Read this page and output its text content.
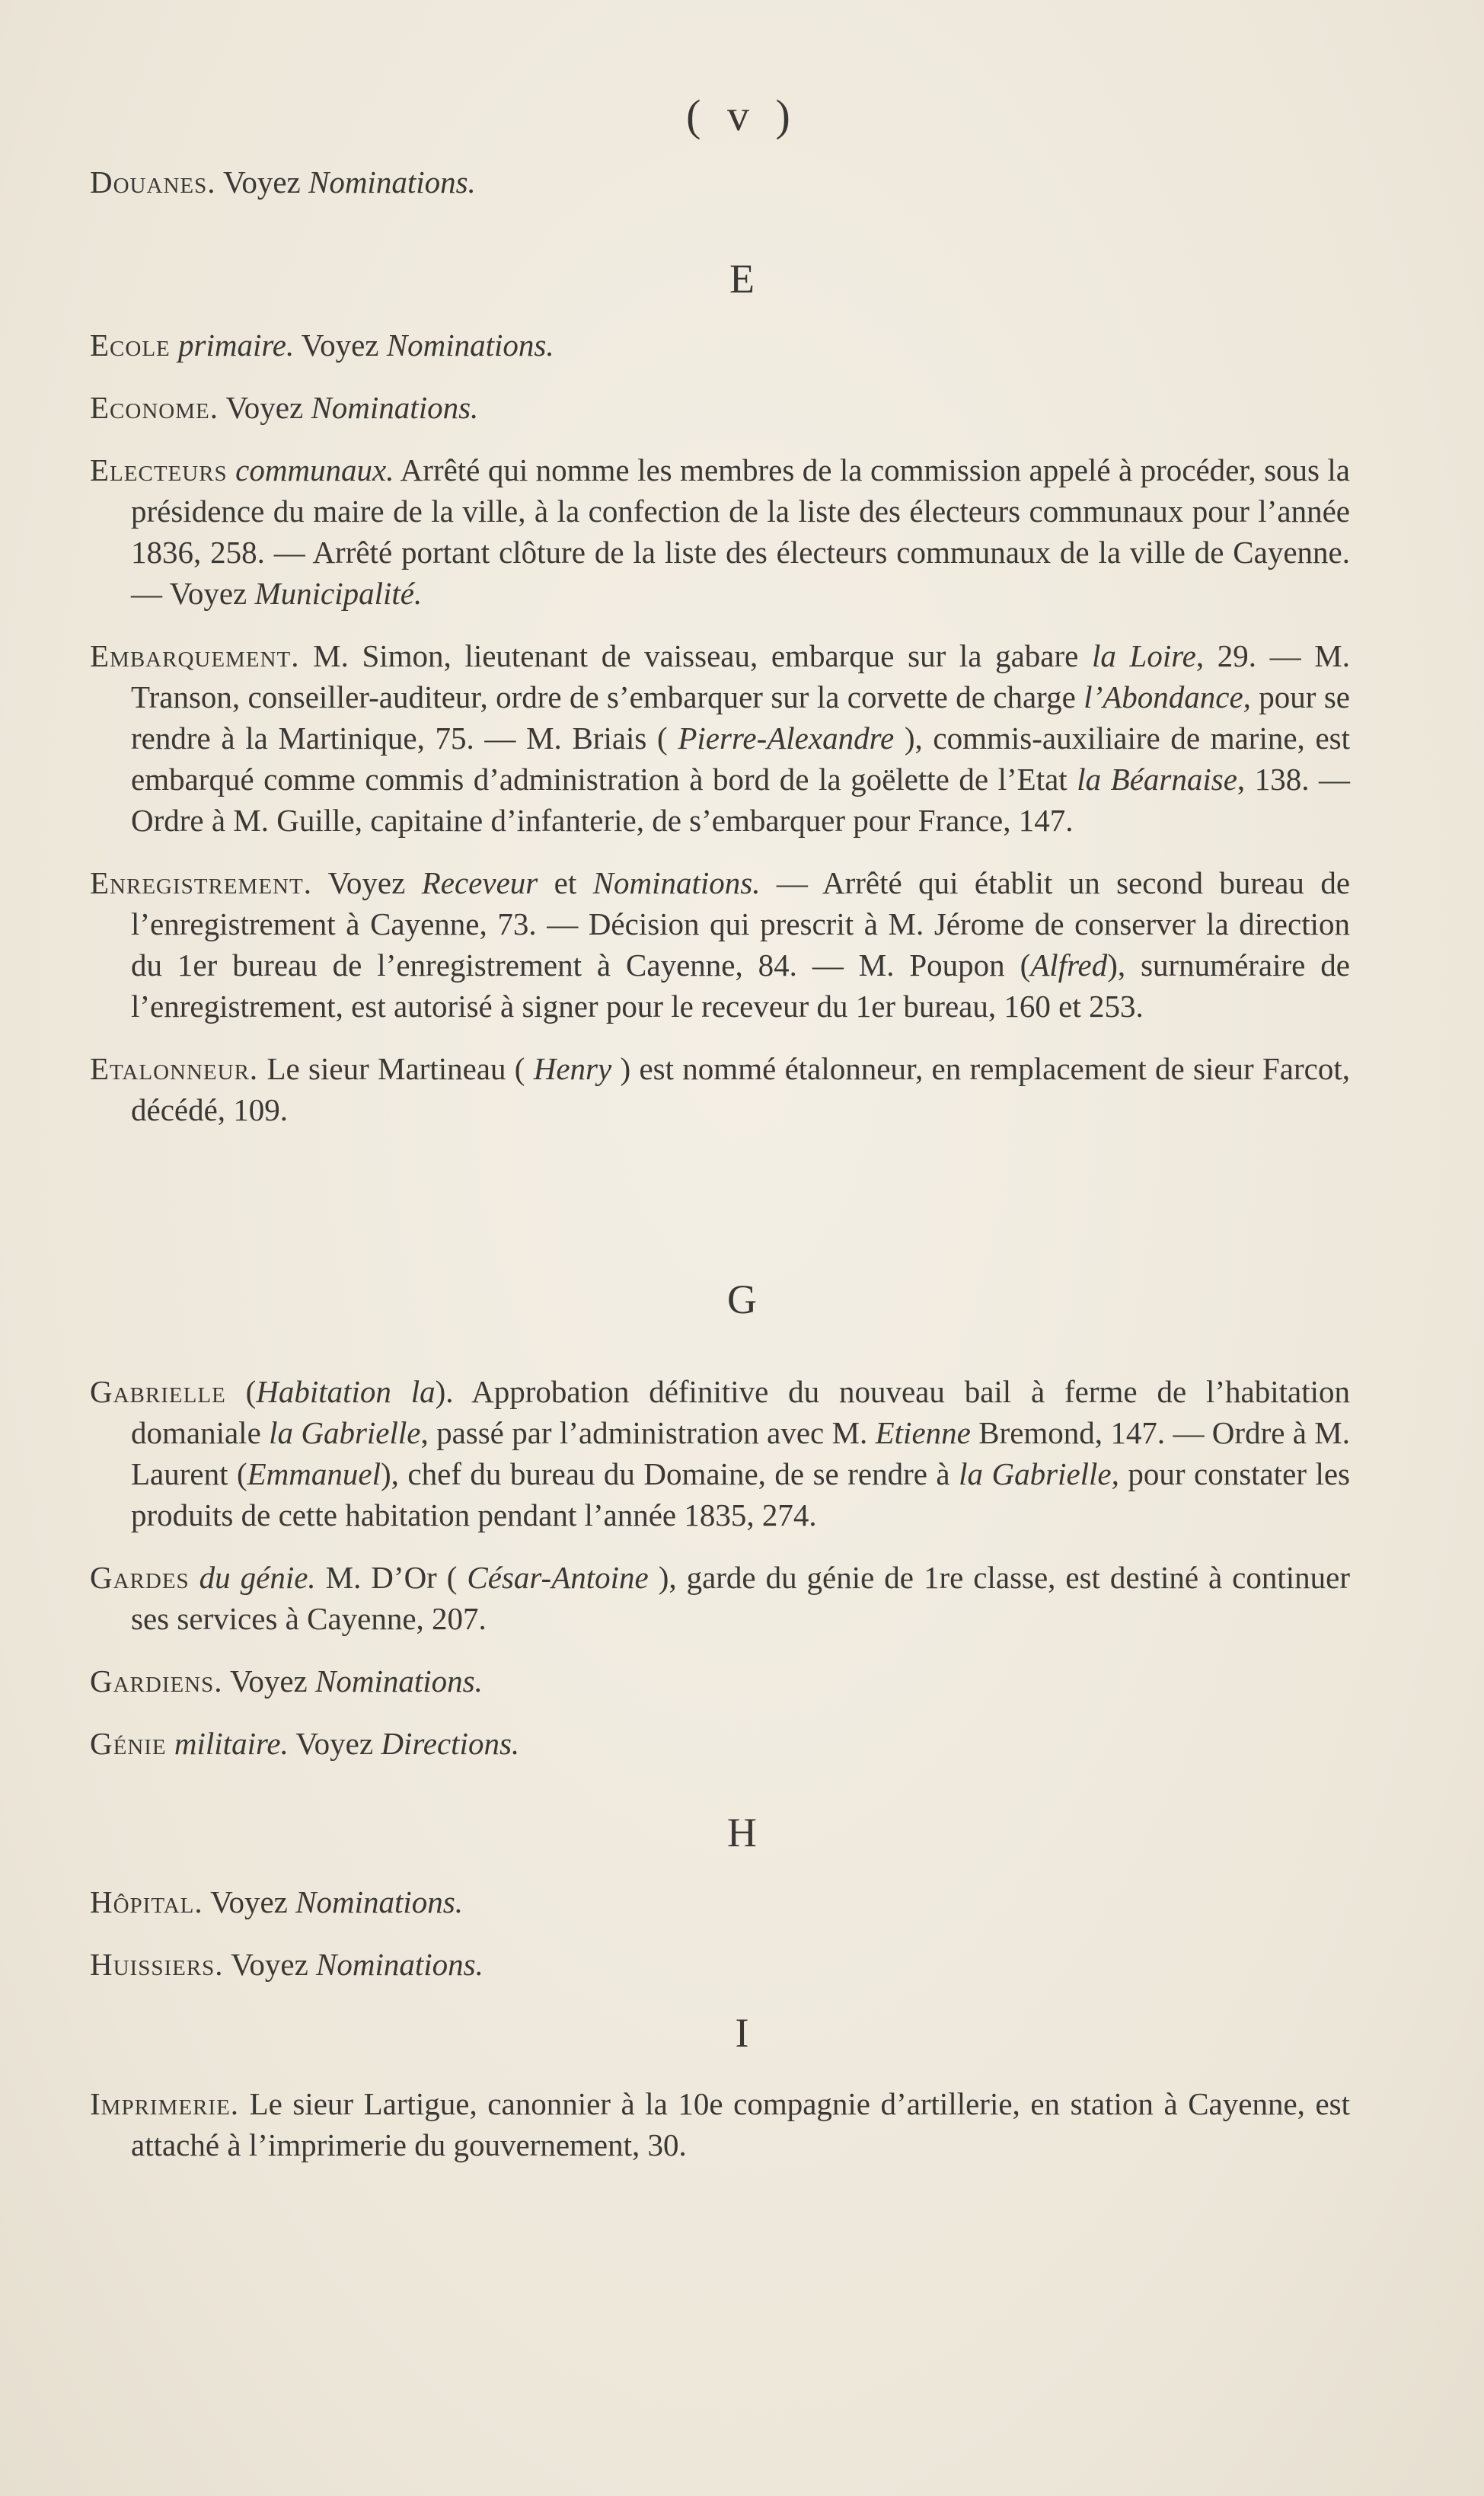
( v )
E
G
H
I

Douanes. Voyez Nominations.

Ecole primaire. Voyez Nominations.

Econome. Voyez Nominations.

Electeurs communaux. Arrêté qui nomme les membres de la commission appelé à procéder, sous la présidence du maire de la ville, à la confection de la liste des électeurs communaux pour l’année 1836, 258. — Arrêté portant clôture de la liste des électeurs communaux de la ville de Cayenne. — Voyez Municipalité.

Embarquement. M. Simon, lieutenant de vaisseau, embarque sur la gabare la Loire, 29. — M. Transon, conseiller-auditeur, ordre de s’embarquer sur la corvette de charge l’Abondance, pour se rendre à la Martinique, 75. — M. Briais ( Pierre-Alexandre ), commis-auxiliaire de marine, est embarqué comme commis d’administration à bord de la goëlette de l’Etat la Béarnaise, 138. — Ordre à M. Guille, capitaine d’infanterie, de s’embarquer pour France, 147.

Enregistrement. Voyez Receveur et Nominations. — Arrêté qui établit un second bureau de l’enregistrement à Cayenne, 73. — Décision qui prescrit à M. Jérome de conserver la direction du 1er bureau de l’enregistrement à Cayenne, 84. — M. Poupon (Alfred), surnuméraire de l’enregistrement, est autorisé à signer pour le receveur du 1er bureau, 160 et 253.

Etalonneur. Le sieur Martineau ( Henry ) est nommé étalonneur, en remplacement de sieur Farcot, décédé, 109.

Gabrielle (Habitation la). Approbation définitive du nouveau bail à ferme de l’habitation domaniale la Gabrielle, passé par l’administration avec M. Etienne Bremond, 147. — Ordre à M. Laurent (Emmanuel), chef du bureau du Domaine, de se rendre à la Gabrielle, pour constater les produits de cette habitation pendant l’année 1835, 274.

Gardes du génie. M. D’Or ( César-Antoine ), garde du génie de 1re classe, est destiné à continuer ses services à Cayenne, 207.

Gardiens. Voyez Nominations.

Génie militaire. Voyez Directions.

Hôpital. Voyez Nominations.

Huissiers. Voyez Nominations.

Imprimerie. Le sieur Lartigue, canonnier à la 10e compagnie d’artillerie, en station à Cayenne, est attaché à l’imprimerie du gouvernement, 30.
